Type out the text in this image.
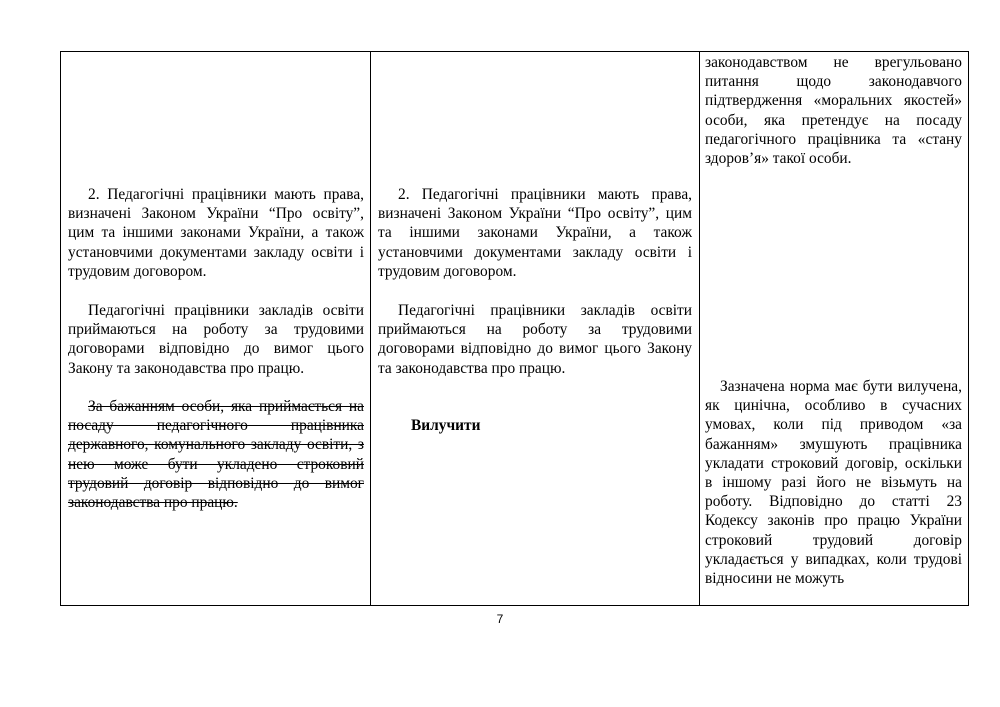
2. Педагогічні працівники мають права, визначені Законом України “Про освіту”, цим та іншими законами України, а також установчими документами закладу освіти і трудовим договором.

Педагогічні працівники закладів освіти приймаються на роботу за трудовими договорами відповідно до вимог цього Закону та законодавства про працю.

За бажанням особи, яка приймається на посаду педагогічного працівника державного, комунального закладу освіти, з нею може бути укладено строковий трудовий договір відповідно до вимог законодавства про працю.

2. Педагогічні працівники мають права, визначені Законом України “Про освіту”, цим та іншими законами України, а також установчими документами закладу освіти і трудовим договором.

Педагогічні працівники закладів освіти приймаються на роботу за трудовими договорами відповідно до вимог цього Закону та законодавства про працю.

Вилучити

законодавством не врегульовано питання щодо законодавчого підтвердження «моральних якостей» особи, яка претендує на посаду педагогічного працівника та «стану здоров’я» такої особи.

Зазначена норма має бути вилучена, як цинічна, особливо в сучасних умовах, коли під приводом «за бажанням» змушують працівника укладати строковий договір, оскільки в іншому разі його не візьмуть на роботу. Відповідно до статті 23 Кодексу законів про працю України строковий трудовий договір укладається у випадках, коли трудові відносини не можуть

7
